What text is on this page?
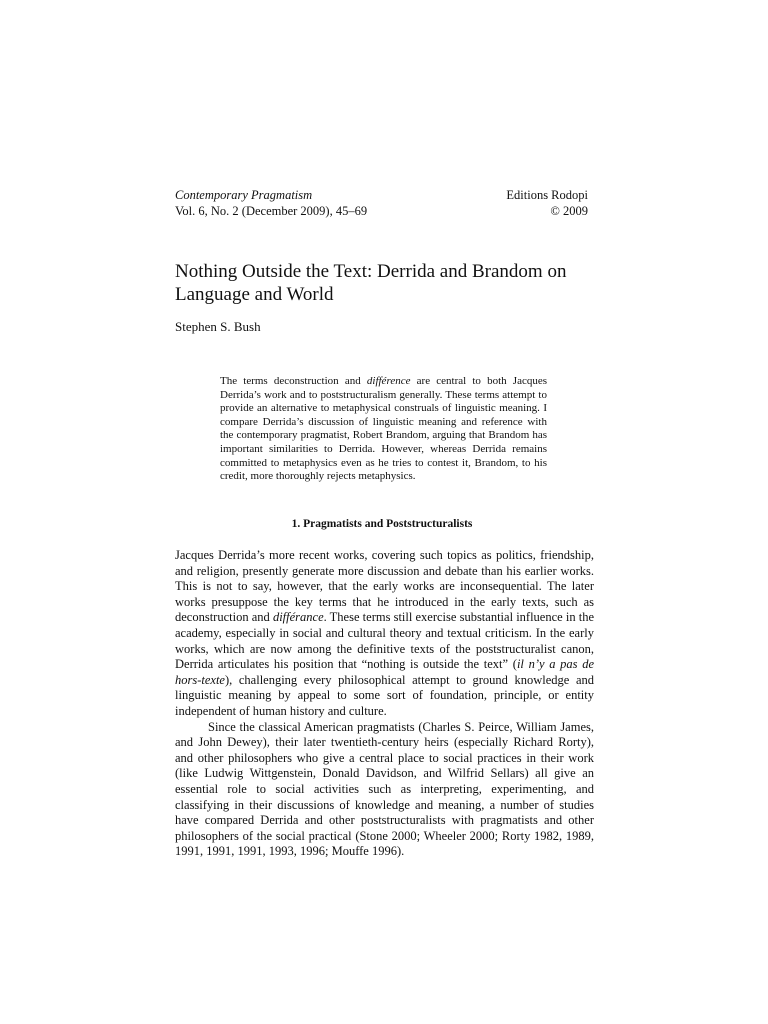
Contemporary Pragmatism
Vol. 6, No. 2 (December 2009), 45–69
Editions Rodopi
© 2009
Nothing Outside the Text: Derrida and Brandom on Language and World
Stephen S. Bush

The terms deconstruction and différence are central to both Jacques Derrida’s work and to poststructuralism generally. These terms attempt to provide an alternative to metaphysical construals of linguistic meaning. I compare Derrida’s discussion of linguistic meaning and reference with the contemporary pragmatist, Robert Brandom, arguing that Brandom has important similarities to Derrida. However, whereas Derrida remains committed to metaphysics even as he tries to contest it, Brandom, to his credit, more thoroughly rejects metaphysics.

1. Pragmatists and Poststructuralists

Jacques Derrida’s more recent works, covering such topics as politics, friendship, and religion, presently generate more discussion and debate than his earlier works. This is not to say, however, that the early works are inconsequential. The later works presuppose the key terms that he introduced in the early texts, such as deconstruction and différance. These terms still exercise substantial influence in the academy, especially in social and cultural theory and textual criticism. In the early works, which are now among the definitive texts of the poststructuralist canon, Derrida articulates his position that “nothing is outside the text” (il n’y a pas de hors-texte), challenging every philosophical attempt to ground knowledge and linguistic meaning by appeal to some sort of foundation, principle, or entity independent of human history and culture.

Since the classical American pragmatists (Charles S. Peirce, William James, and John Dewey), their later twentieth-century heirs (especially Richard Rorty), and other philosophers who give a central place to social practices in their work (like Ludwig Wittgenstein, Donald Davidson, and Wilfrid Sellars) all give an essential role to social activities such as interpreting, experimenting, and classifying in their discussions of knowledge and meaning, a number of studies have compared Derrida and other poststructuralists with pragmatists and other philosophers of the social practical (Stone 2000; Wheeler 2000; Rorty 1982, 1989, 1991, 1991, 1991, 1993, 1996; Mouffe 1996).
